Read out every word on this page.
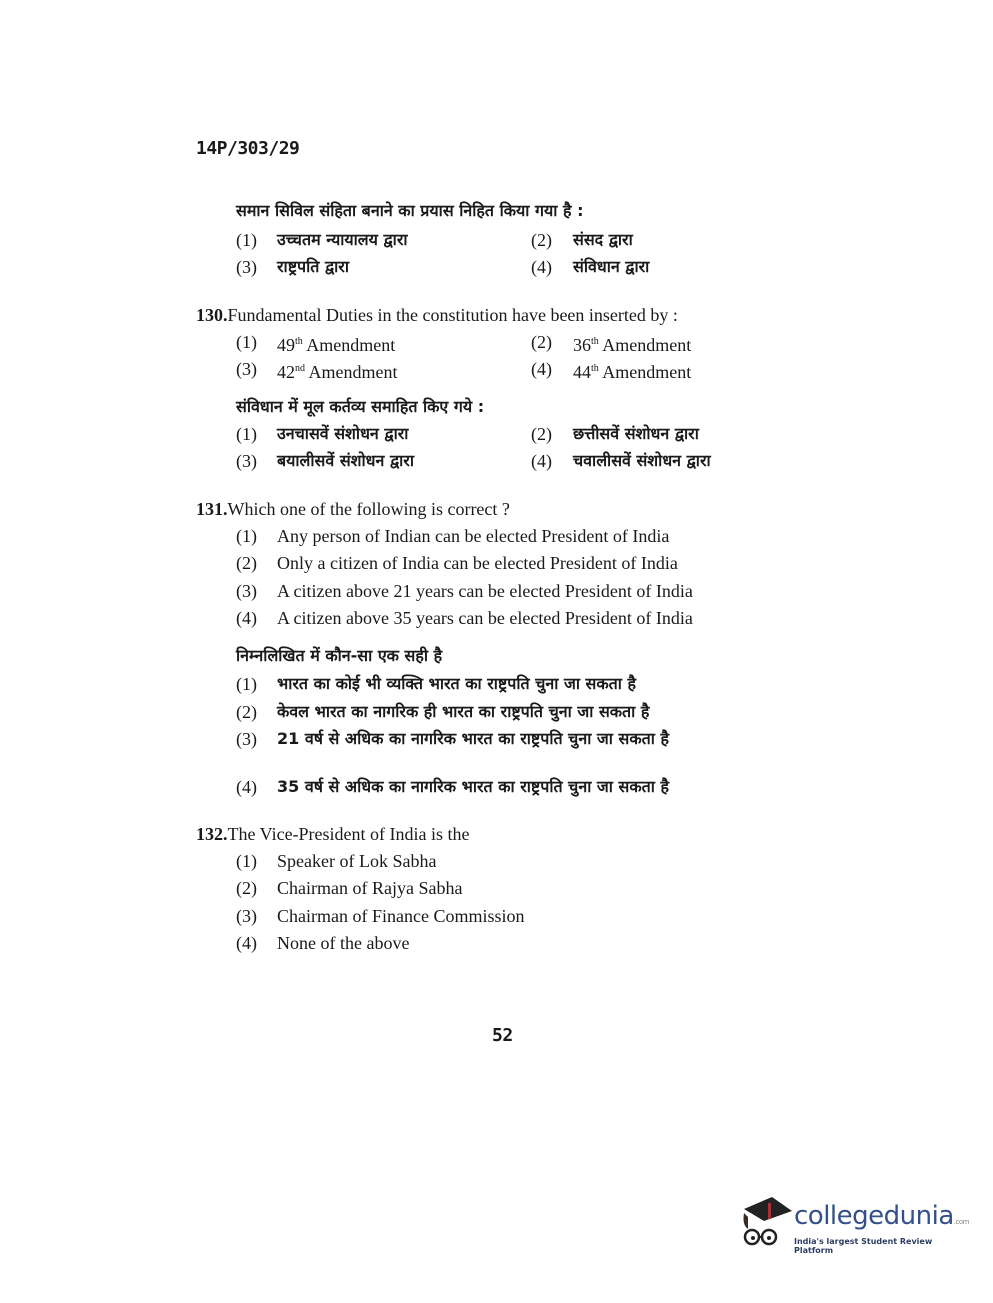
14P/303/29
समान सिविल संहिता बनाने का प्रयास निहित किया गया है :
(1) उच्चतम न्यायालय द्वारा	(2) संसद द्वारा
(3) राष्ट्रपति द्वारा	(4) संविधान द्वारा
130.Fundamental Duties in the constitution have been inserted by :
(1) 49th Amendment	(2) 36th Amendment
(3) 42nd Amendment	(4) 44th Amendment
संविधान में मूल कर्तव्य समाहित किए गये :
(1) उनचासवें संशोधन द्वारा	(2) छत्तीसवें संशोधन द्वारा
(3) बयालीसवें संशोधन द्वारा	(4) चवालीसवें संशोधन द्वारा
131.Which one of the following is correct ?
(1) Any person of Indian can be elected President of India
(2) Only a citizen of India can be elected President of India
(3) A citizen above 21 years can be elected President of India
(4) A citizen above 35 years can be elected President of India
निम्नलिखित में कौन-सा एक सही है
(1) भारत का कोई भी व्यक्ति भारत का राष्ट्रपति चुना जा सकता है
(2) केवल भारत का नागरिक ही भारत का राष्ट्रपति चुना जा सकता है
(3) 21 वर्ष से अधिक का नागरिक भारत का राष्ट्रपति चुना जा सकता है
(4) 35 वर्ष से अधिक का नागरिक भारत का राष्ट्रपति चुना जा सकता है
132.The Vice-President of India is the
(1) Speaker of Lok Sabha
(2) Chairman of Rajya Sabha
(3) Chairman of Finance Commission
(4) None of the above
52
collegedunia.com
India's largest Student Review Platform
